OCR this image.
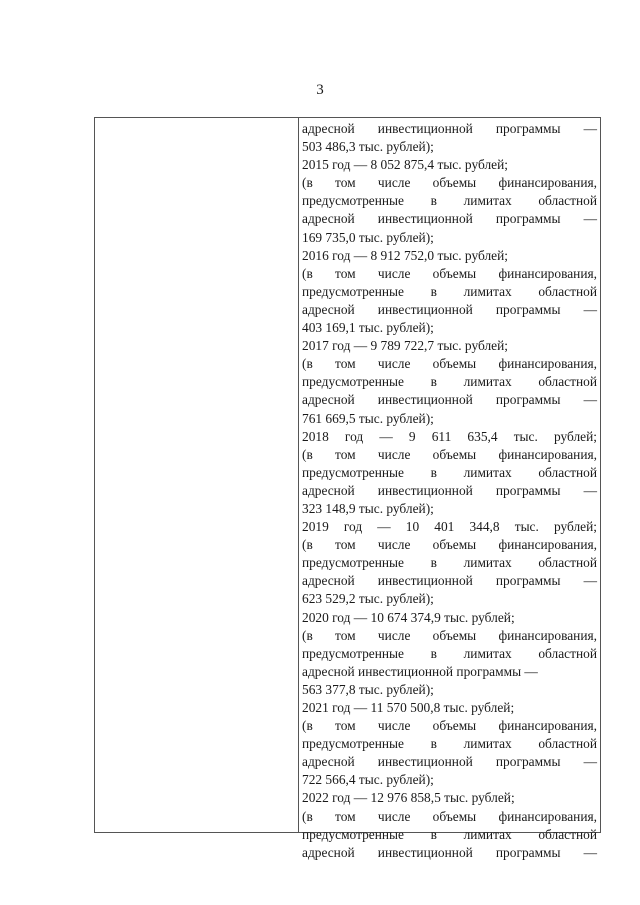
3
адресной инвестиционной программы —
503 486,3 тыс. рублей);
2015 год — 8 052 875,4 тыс. рублей;
(в том числе объемы финансирования,
предусмотренные в лимитах областной
адресной инвестиционной программы —
169 735,0 тыс. рублей);
2016 год — 8 912 752,0 тыс. рублей;
(в том числе объемы финансирования,
предусмотренные в лимитах областной
адресной инвестиционной программы —
403 169,1 тыс. рублей);
2017 год — 9 789 722,7 тыс. рублей;
(в том числе объемы финансирования,
предусмотренные в лимитах областной
адресной инвестиционной программы —
761 669,5 тыс. рублей);
2018 год — 9 611 635,4 тыс. рублей;
(в том числе объемы финансирования,
предусмотренные в лимитах областной
адресной инвестиционной программы —
323 148,9 тыс. рублей);
2019 год — 10 401 344,8 тыс. рублей;
(в том числе объемы финансирования,
предусмотренные в лимитах областной
адресной инвестиционной программы —
623 529,2 тыс. рублей);
2020 год — 10 674 374,9 тыс. рублей;
(в том числе объемы финансирования,
предусмотренные в лимитах областной
адресной инвестиционной программы —
563 377,8 тыс. рублей);
2021 год — 11 570 500,8 тыс. рублей;
(в том числе объемы финансирования,
предусмотренные в лимитах областной
адресной инвестиционной программы —
722 566,4 тыс. рублей);
2022 год — 12 976 858,5 тыс. рублей;
(в том числе объемы финансирования,
предусмотренные в лимитах областной
адресной инвестиционной программы —
